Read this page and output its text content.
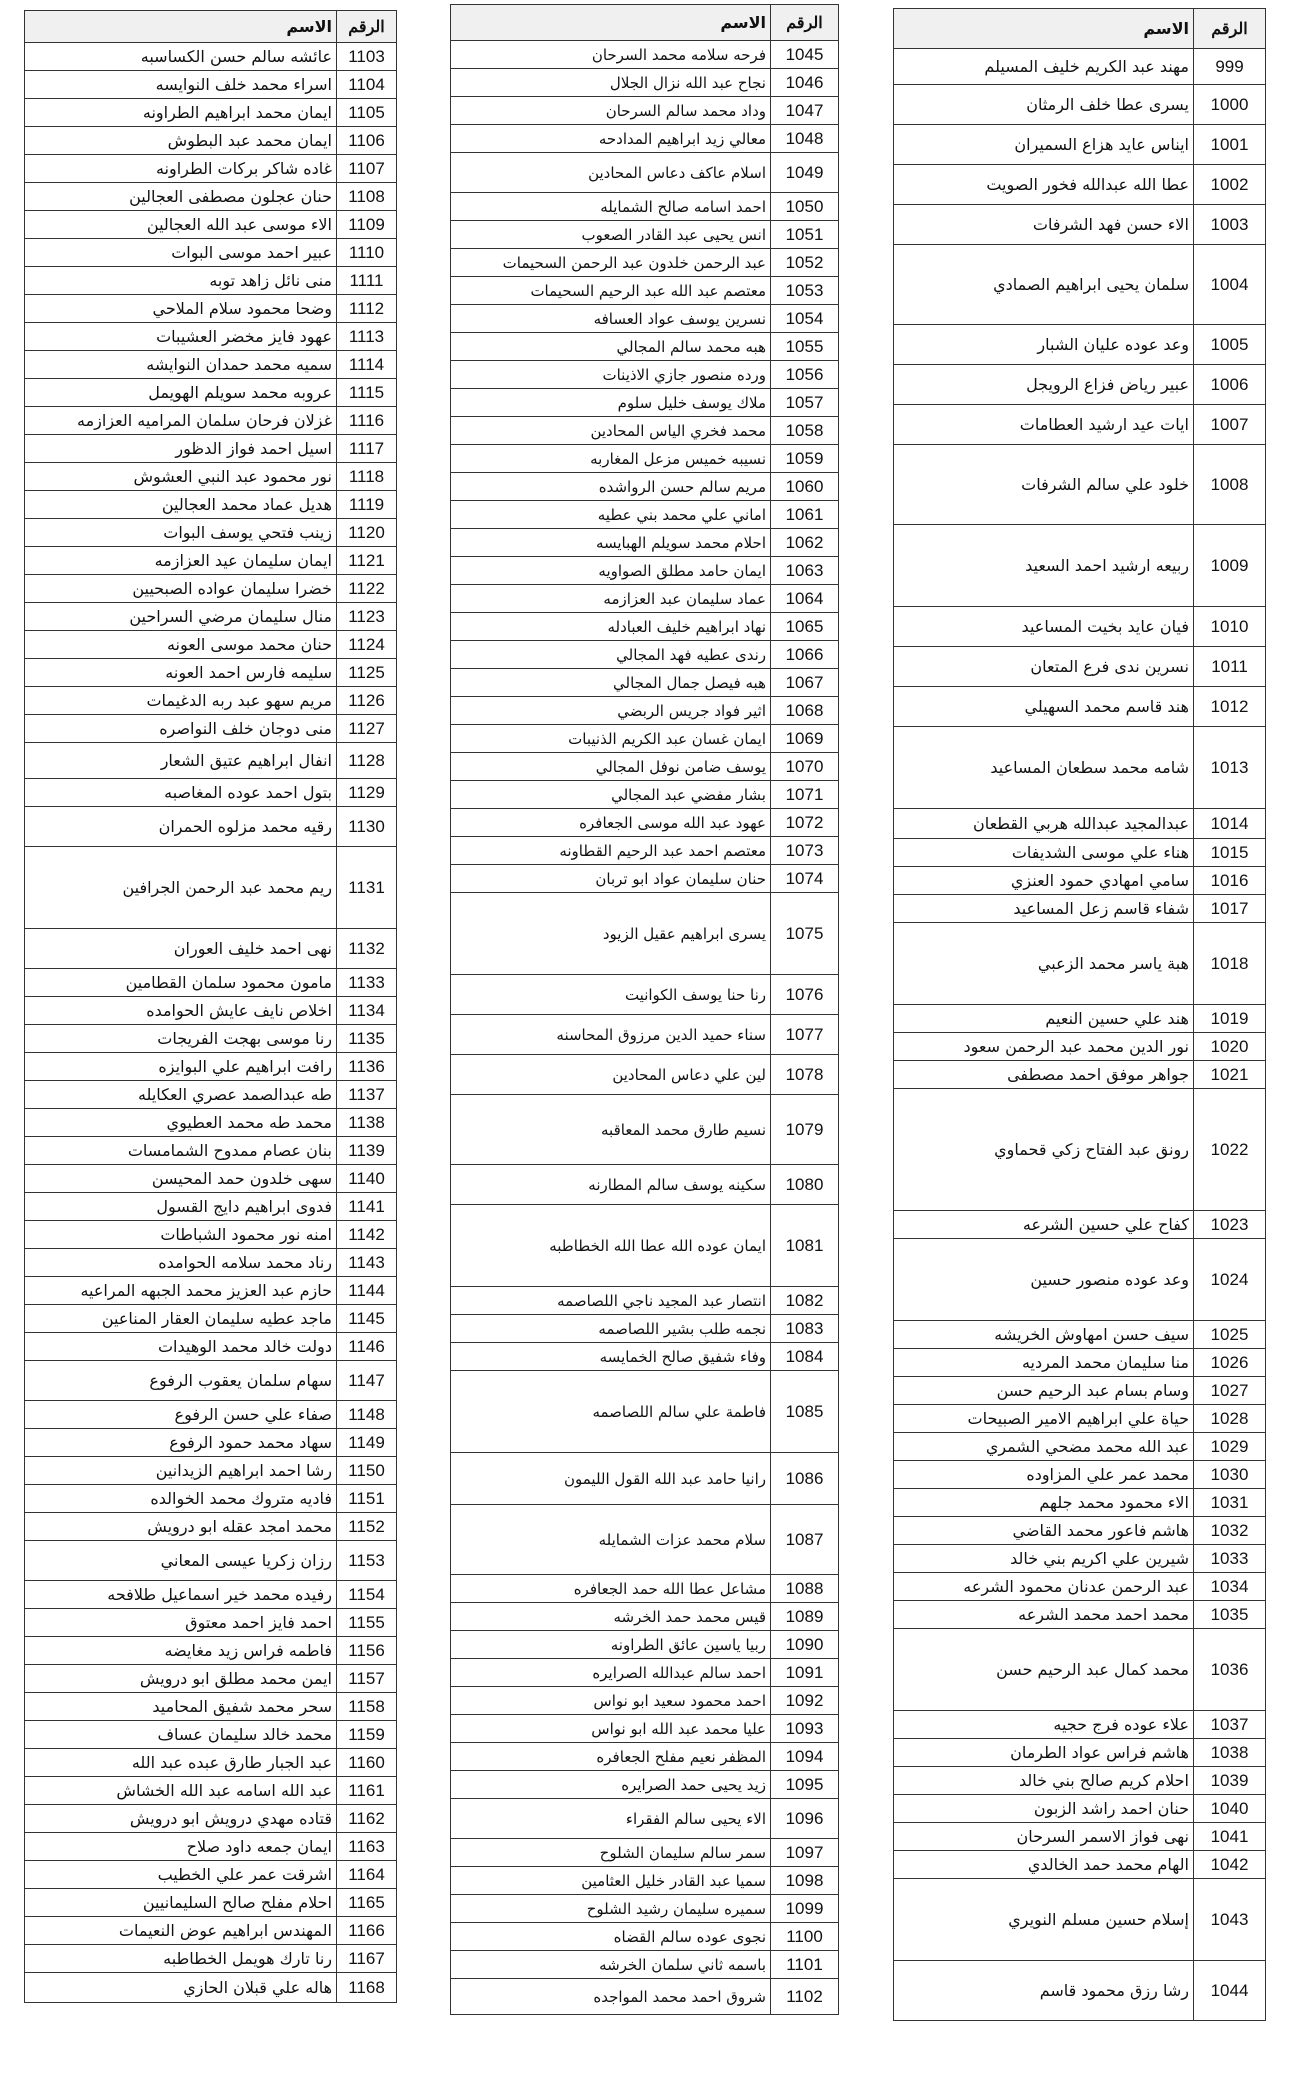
الاسم	الرقم
مهند عبد الكريم خليف المسيلم	999
يسرى عطا خلف الرمثان	1000
ايناس عايد هزاع السميران	1001
عطا الله عبدالله فخور الصويت	1002
الاء حسن فهد الشرفات	1003
سلمان يحيى ابراهيم الصمادي	1004
وعد عوده عليان الشبار	1005
عبير رياض فزاع الرويجل	1006
ايات عيد ارشيد العطامات	1007
خلود علي سالم الشرفات	1008
ربيعه ارشيد احمد السعيد	1009
فيان عايد بخيت المساعيد	1010
نسرين ندى فرع المتعان	1011
هند قاسم محمد السهيلي	1012
شامه محمد سطعان المساعيد	1013
عبدالمجيد عبدالله هربي القطعان	1014
هناء علي موسى الشديفات	1015
سامي امهادي حمود العنزي	1016
شفاء قاسم زعل المساعيد	1017
هبة ياسر محمد الزعبي	1018
هند علي حسين النعيم	1019
نور الدين محمد عبد الرحمن سعود	1020
جواهر موفق احمد مصطفى	1021
رونق عبد الفتاح زكي قحماوي	1022
كفاح علي حسين الشرعه	1023
وعد عوده منصور حسين	1024
سيف حسن امهاوش الخريشه	1025
منا سليمان محمد المرديه	1026
وسام بسام عبد الرحيم حسن	1027
حياة علي ابراهيم الامير الصبيحات	1028
عبد الله محمد مضحي الشمري	1029
محمد عمر علي المزاوده	1030
الاء محمود محمد جلهم	1031
هاشم فاعور محمد القاضي	1032
شيرين علي اكريم بني خالد	1033
عبد الرحمن عدنان محمود الشرعه	1034
محمد احمد محمد الشرعه	1035
محمد كمال عبد الرحيم حسن	1036
علاء عوده فرج حجيه	1037
هاشم فراس عواد الطرمان	1038
احلام كريم صالح بني خالد	1039
حنان احمد راشد الزبون	1040
نهى فواز الاسمر السرحان	1041
الهام محمد حمد الخالدي	1042
إسلام حسين مسلم النويري	1043
رشا رزق محمود قاسم	1044
الاسم	الرقم
فرحه سلامه محمد السرحان	1045
نجاح عبد الله نزال الجلال	1046
وداد محمد سالم السرحان	1047
معالي زيد ابراهيم المدادحه	1048
اسلام عاكف دعاس المحادين	1049
احمد اسامه صالح الشمايله	1050
انس يحيى عبد القادر الصعوب	1051
عبد الرحمن خلدون عبد الرحمن السحيمات	1052
معتصم عبد الله عبد الرحيم السحيمات	1053
نسرين يوسف عواد العسافه	1054
هبه محمد سالم المجالي	1055
ورده منصور جازي الاذينات	1056
ملاك يوسف خليل سلوم	1057
محمد فخري الياس المحادين	1058
نسيبه خميس مزعل المغاربه	1059
مريم سالم حسن الرواشده	1060
اماني علي محمد بني عطيه	1061
احلام محمد سويلم الهبايسه	1062
ايمان حامد مطلق الصواويه	1063
عماد سليمان عبد العزازمه	1064
نهاد ابراهيم خليف العبادله	1065
رندى عطيه فهد المجالي	1066
هبه فيصل جمال المجالي	1067
اثير فواد جريس الربضي	1068
ايمان غسان عبد الكريم الذنيبات	1069
يوسف ضامن نوفل المجالي	1070
بشار مفضي عبد المجالي	1071
عهود عبد الله موسى الجعافره	1072
معتصم احمد عبد الرحيم القطاونه	1073
حنان سليمان عواد ابو تربان	1074
يسرى ابراهيم عقيل الزيود	1075
رنا حنا يوسف الكوانيت	1076
سناء حميد الدين مرزوق المحاسنه	1077
لين علي دعاس المحادين	1078
نسيم طارق محمد المعاقبه	1079
سكينه يوسف سالم المطارنه	1080
ايمان عوده الله عطا الله الخطاطبه	1081
انتصار عبد المجيد ناجي اللصاصمه	1082
نجمه طلب بشير اللصاصمه	1083
وفاء شفيق صالح الخمايسه	1084
فاطمة علي سالم اللصاصمه	1085
رانيا حامد عبد الله القول الليمون	1086
سلام محمد عزات الشمايله	1087
مشاعل عطا الله حمد الجعافره	1088
قيس محمد حمد الخرشه	1089
ربيا ياسين عائق الطراونه	1090
احمد سالم عبدالله الصرايره	1091
احمد محمود سعيد ابو نواس	1092
عليا محمد عبد الله ابو نواس	1093
المظفر نعيم مفلح الجعافره	1094
زيد يحيى حمد الصرايره	1095
الاء يحيى سالم الفقراء	1096
سمر سالم سليمان الشلوح	1097
سميا عبد القادر خليل العثامين	1098
سميره سليمان رشيد الشلوح	1099
نجوى عوده سالم القضاه	1100
باسمه ثاني سلمان الخرشه	1101
شروق احمد محمد المواجده	1102
الاسم	الرقم
عائشه سالم حسن الكساسبه	1103
اسراء محمد خلف النوايسه	1104
ايمان محمد ابراهيم الطراونه	1105
ايمان محمد عبد البطوش	1106
غاده شاكر بركات الطراونه	1107
حنان عجلون مصطفى العجالين	1108
الاء موسى عبد الله العجالين	1109
عبير احمد موسى البوات	1110
منى نائل زاهد توبه	1111
وضحا محمود سلام الملاحي	1112
عهود فايز مخضر العشيبات	1113
سميه محمد حمدان النوايشه	1114
عروبه محمد سويلم الهويمل	1115
غزلان فرحان سلمان المراميه العزازمه	1116
اسيل احمد فواز الدظور	1117
نور محمود عبد النبي العشوش	1118
هديل عماد محمد العجالين	1119
زينب فتحي يوسف البوات	1120
ايمان سليمان عيد العزازمه	1121
خضرا سليمان عواده الصبحيين	1122
منال سليمان مرضي السراحين	1123
حنان محمد موسى العونه	1124
سليمه فارس احمد العونه	1125
مريم سهو عبد ربه الدغيمات	1126
منى دوجان خلف النواصره	1127
انفال ابراهيم عتيق الشعار	1128
بتول احمد عوده المغاصبه	1129
رقيه محمد مزلوه الحمران	1130
ريم محمد عبد الرحمن الجرافين	1131
نهى احمد خليف العوران	1132
مامون محمود سلمان القطامين	1133
اخلاص نايف عايش الحوامده	1134
رنا موسى بهجت الفريجات	1135
رافت ابراهيم علي البوايزه	1136
طه عبدالصمد عصري العكايله	1137
محمد طه محمد العطيوي	1138
بنان عصام ممدوح الشمامسات	1139
سهى خلدون حمد المحيسن	1140
فدوى ابراهيم دايج القسول	1141
امنه نور محمود الشباطات	1142
رناد محمد سلامه الحوامده	1143
حازم عبد العزيز محمد الجبهه المراعيه	1144
ماجد عطيه سليمان العقار المناعين	1145
دولت خالد محمد الوهيدات	1146
سهام سلمان يعقوب الرفوع	1147
صفاء علي حسن الرفوع	1148
سهاد محمد حمود الرفوع	1149
رشا احمد ابراهيم الزيدانين	1150
فاديه متروك محمد الخوالده	1151
محمد امجد عقله ابو درويش	1152
رزان زكريا عيسى المعاني	1153
رفيده محمد خير اسماعيل طلافحه	1154
احمد فايز احمد معتوق	1155
فاطمه فراس زيد مغايضه	1156
ايمن محمد مطلق ابو درويش	1157
سحر محمد شفيق المحاميد	1158
محمد خالد سليمان عساف	1159
عبد الجبار طارق عبده عبد الله	1160
عبد الله اسامه عبد الله الخشاش	1161
قتاده مهدي درويش ابو درويش	1162
ايمان جمعه داود صلاح	1163
اشرقت عمر علي الخطيب	1164
احلام مفلح صالح السليمانيين	1165
المهندس ابراهيم عوض النعيمات	1166
رنا تارك هويمل الخطاطبه	1167
هاله علي قبلان الحازي	1168
